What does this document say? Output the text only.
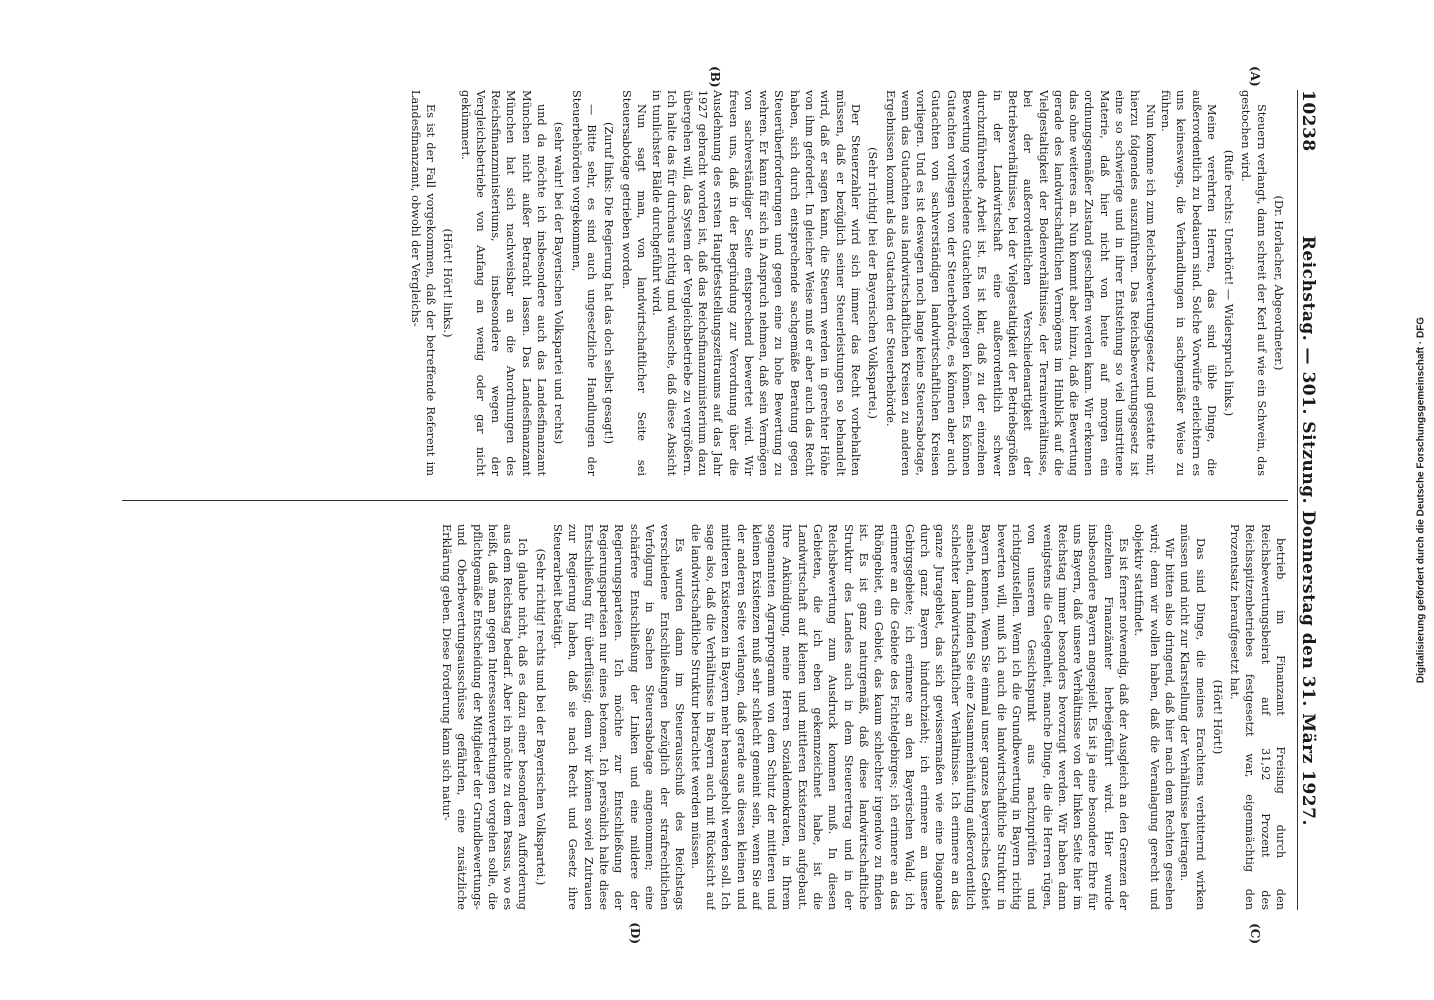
10238
Reichstag. — 301. Sitzung. Donnerstag den 31. März 1927.

(Dr. Horlacher, Abgeordneter.)

Steuern verlangt, dann schreit der Kerl auf wie ein Schwein, das gestochen wird.

(Rufe rechts: Unerhört! — Widerspruch links.)

Meine verehrten Herren, das sind üble Dinge, die außerordentlich zu bedauern sind. Solche Vorwürfe erleichtern es uns keineswegs, die Verhandlungen in sachgemäßer Weise zu führen.

Nun komme ich zum Reichsbewertungsgesetz und gestatte mir, hierzu folgendes auszuführen. Das Reichsbewertungsgesetz ist eine so schwierige und in ihrer Entstehung so viel umstrittene Materie, daß hier nicht von heute auf morgen ein ordnungsgemäßer Zustand geschaffen werden kann. Wir erkennen das ohne weiteres an. Nun kommt aber hinzu, daß die Bewertung gerade des landwirtschaftlichen Vermögens im Hinblick auf die Vielgestaltigkeit der Bodenverhältnisse, der Terrainverhältnisse, bei der außerordentlichen Verschiedenartigkeit der Betriebsverhältnisse, bei der Vielgestaltigkeit der Betriebsgrößen in der Landwirtschaft eine außerordentlich schwer durchzuführende Arbeit ist. Es ist klar, daß zu der einzelnen Bewertung verschiedene Gutachten vorliegen können. Es können Gutachten vorliegen von der Steuerbehörde, es können aber auch Gutachten von sachverständigen landwirtschaftlichen Kreisen vorliegen. Und es ist deswegen noch lange keine Steuersabotage, wenn das Gutachten aus landwirtschaftlichen Kreisen zu anderen Ergebnissen kommt als das Gutachten der Steuerbehörde.

(Sehr richtig! bei der Bayerischen Volkspartei.)

Der Steuerzahler wird sich immer das Recht vorbehalten müssen, daß er bezüglich seiner Steuerleistungen so behandelt wird, daß er sagen kann, die Steuern werden in gerechter Höhe von ihm gefordert. In gleicher Weise muß er aber auch das Recht haben, sich durch entsprechende sachgemäße Beratung gegen Steuerüberforderungen und gegen eine zu hohe Bewertung zu wehren. Er kann für sich in Anspruch nehmen, daß sein Vermögen von sachverständiger Seite entsprechend bewertet wird. Wir freuen uns, daß in der Begründung zur Verordnung über die Ausdehnung des ersten Hauptfeststellungszeitraums auf das Jahr 1927 gebracht worden ist, daß das Reichsfinanzministerium dazu übergehen will, das System der Vergleichsbetriebe zu vergrößern. Ich halte das für durchaus richtig und wünsche, daß diese Absicht in tunlichster Bälde durchgeführt wird.

Nun sagt man, von landwirtschaftlicher Seite sei Steuersabotage getrieben worden.

(Zuruf links: Die Regierung hat das doch selbst gesagt!)

— Bitte sehr, es sind auch ungesetzliche Handlungen der Steuerbehörden vorgekommen,

(sehr wahr! bei der Bayerischen Volkspartei und rechts)

und da möchte ich insbesondere auch das Landesfinanzamt München nicht außer Betracht lassen. Das Landesfinanzamt München hat sich nachweisbar an die Anordnungen des Reichsfinanzministeriums, insbesondere wegen der Vergleichsbetriebe von Anfang an wenig oder gar nicht gekümmert.

(Hört! Hört! links.)

Es ist der Fall vorgekommen, daß der betreffende Referent im Landesfinanzamt, obwohl der Vergleichs-

betrieb im Finanzamt Freising durch den Reichsbewertungsbeirat auf 31,92 Prozent des Reichsspitzenbetriebes festgesetzt war, eigenmächtig den Prozentsatz heraufgesetzt hat.

(Hört! Hört!)

Das sind Dinge, die meines Erachtens verbitternd wirken müssen und nicht zur Klarstellung der Verhältnisse beitragen.

Wir bitten also dringend, daß hier nach dem Rechten gesehen wird; denn wir wollen haben, daß die Veranlagung gerecht und objektiv stattfindet.

Es ist ferner notwendig, daß der Ausgleich an den Grenzen der einzelnen Finanzämter herbeigeführt wird. Hier wurde insbesondere Bayern angespielt. Es ist ja eine besondere Ehre für uns Bayern, daß unsere Verhältnisse von der linken Seite hier im Reichstag immer besonders bevorzugt werden. Wir haben dann wenigstens die Gelegenheit, manche Dinge, die die Herren rügen, von unserem Gesichtspunkt aus nachzuprüfen und richtigzustellen. Wenn ich die Grundbewertung in Bayern richtig bewerten will, muß ich auch die landwirtschaftliche Struktur in Bayern kennen. Wenn Sie einmal unser ganzes bayerisches Gebiet ansehen, dann finden Sie eine Zusammenhäufung außerordentlich schlechter landwirtschaftlicher Verhältnisse. Ich erinnere an das ganze Juragebiet, das sich gewissermaßen wie eine Diagonale durch ganz Bayern hindurchzieht; ich erinnere an unsere Gebirgsgebiete; ich erinnere an den Bayerischen Wald; ich erinnere an die Gebiete des Fichtelgebirges; ich erinnere an das Rhöngebiet, ein Gebiet, das kaum schlechter irgendwo zu finden ist. Es ist ganz naturgemäß, daß diese landwirtschaftliche Struktur des Landes auch in dem Steuerertrag und in der Reichsbewertung zum Ausdruck kommen muß. In diesen Gebieten, die ich eben gekennzeichnet habe, ist die Landwirtschaft auf kleinen und mittleren Existenzen aufgebaut. Ihre Ankündigung, meine Herren Sozialdemokraten, in Ihrem sogenannten Agrarprogramm von dem Schutz der mittleren und kleinen Existenzen muß sehr schlecht gemeint sein, wenn Sie auf der anderen Seite verlangen, daß gerade aus diesen kleinen und mittleren Existenzen in Bayern mehr herausgeholt werden soll. Ich sage also, daß die Verhältnisse in Bayern auch mit Rücksicht auf die landwirtschaftliche Struktur betrachtet werden müssen.

Es wurden dann im Steuerausschuß des Reichstags verschiedene Entschließungen bezüglich der strafrechtlichen Verfolgung in Sachen Steuersabotage angenommen; eine schärfere Entschließung der Linken und eine mildere der Regierungsparteien. Ich möchte zur Entschließung der Regierungsparteien nur eines betonen. Ich persönlich halte diese Entschließung für überflüssig; denn wir können soviel Zutrauen zur Regierung haben, daß sie nach Recht und Gesetz ihre Steuerarbeit betätigt.

(Sehr richtig! rechts und bei der Bayerischen Volkspartei.)

Ich glaube nicht, daß es dazu einer besonderen Aufforderung aus dem Reichstag bedarf. Aber ich möchte zu dem Passus, wo es heißt, daß man gegen Interessenvertretungen vorgehen solle, die pflichtgemäße Entscheidung der Mitglieder der Grundbewertungs- und Oberbewertungsausschüsse gefährden, eine zusätzliche Erklärung geben. Diese Forderung kann sich natur-

(A)
(B)
(C)
(D)
Digitalisierung gefördert durch die Deutsche Forschungsgemeinschaft · DFG
